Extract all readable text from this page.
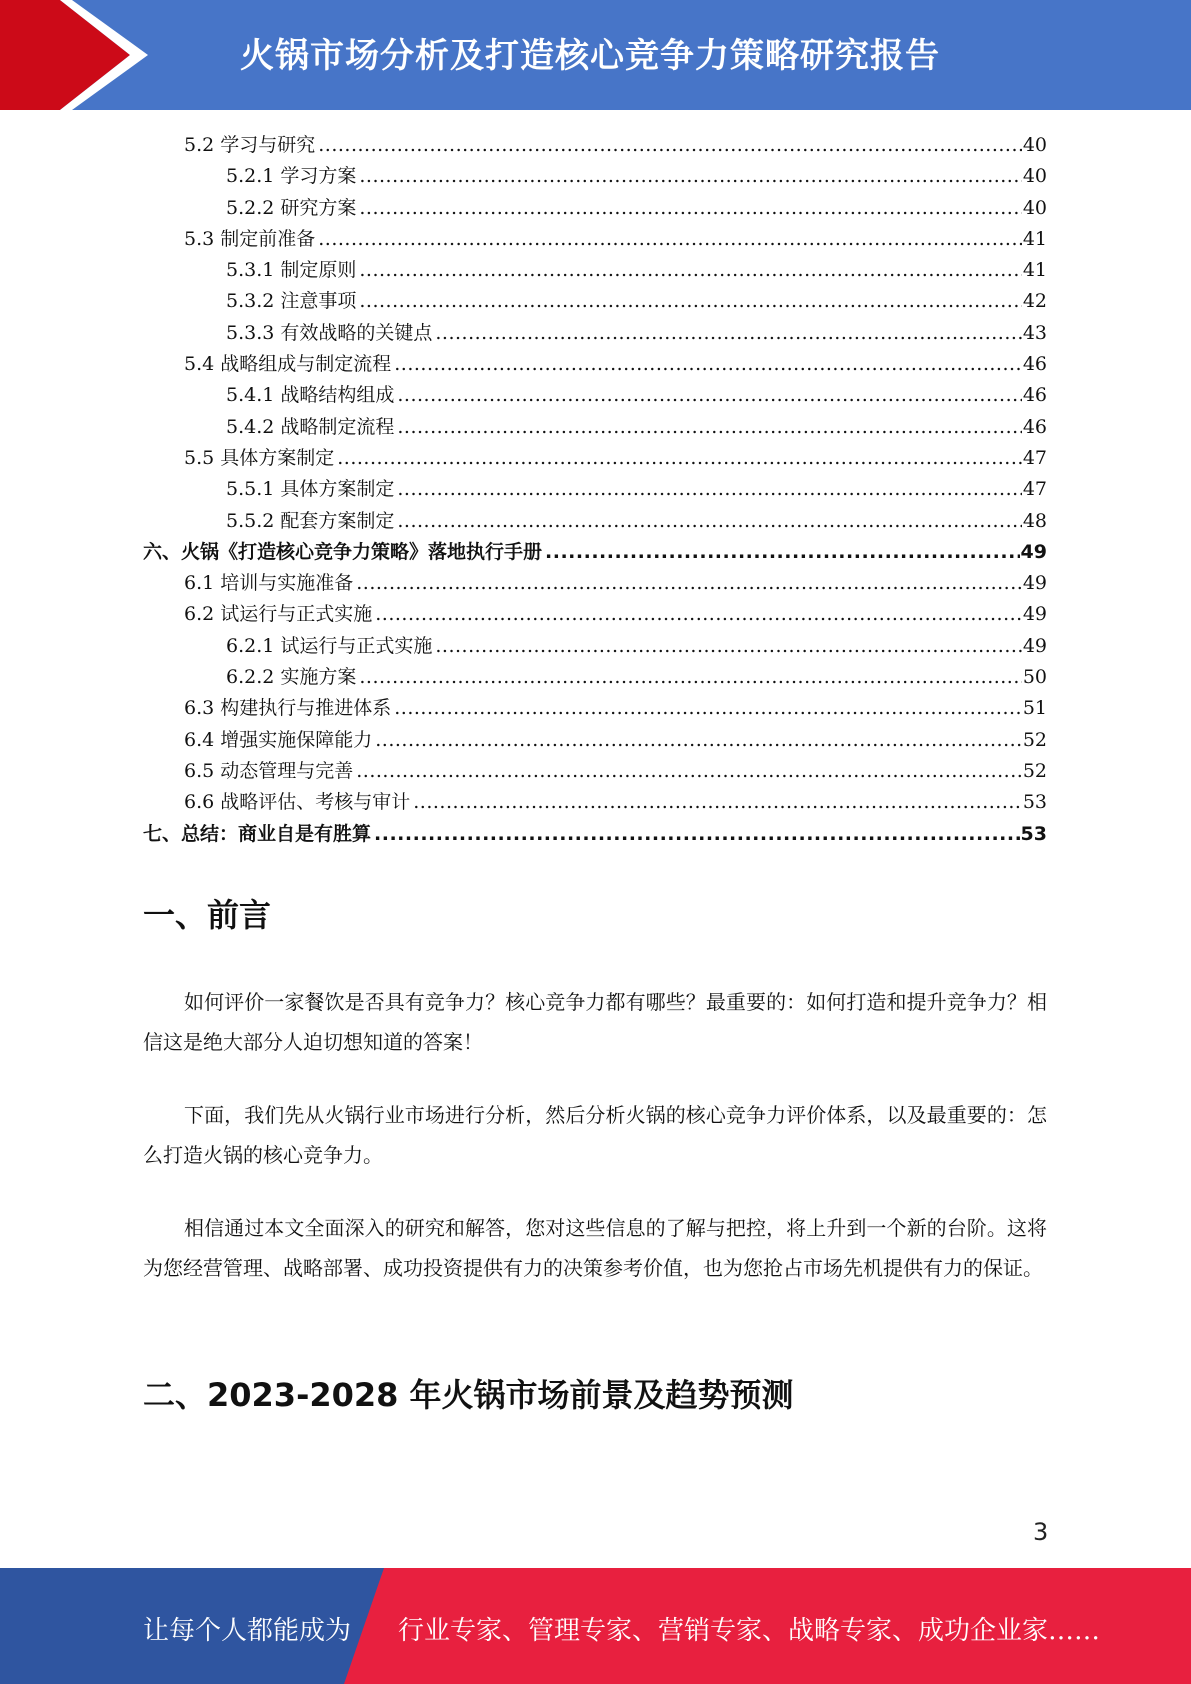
火锅市场分析及打造核心竞争力策略研究报告
5.2 学习与研究 .....	40
5.2.1 学习方案 .....	40
5.2.2 研究方案 .....	40
5.3 制定前准备 .....	41
5.3.1 制定原则 .....	41
5.3.2 注意事项 .....	42
5.3.3 有效战略的关键点 .....	43
5.4 战略组成与制定流程 .....	46
5.4.1 战略结构组成 .....	46
5.4.2 战略制定流程 .....	46
5.5 具体方案制定 .....	47
5.5.1 具体方案制定 .....	47
5.5.2 配套方案制定 .....	48
六、火锅《打造核心竞争力策略》落地执行手册 .....	49
6.1 培训与实施准备 .....	49
6.2 试运行与正式实施 .....	49
6.2.1 试运行与正式实施 .....	49
6.2.2 实施方案 .....	50
6.3 构建执行与推进体系 .....	51
6.4 增强实施保障能力 .....	52
6.5 动态管理与完善 .....	52
6.6 战略评估、考核与审计 .....	53
七、总结：商业自是有胜算 .....	53
一、前言
如何评价一家餐饮是否具有竞争力？核心竞争力都有哪些？最重要的：如何打造和提升竞争力？相信这是绝大部分人迫切想知道的答案！
下面，我们先从火锅行业市场进行分析，然后分析火锅的核心竞争力评价体系，以及最重要的：怎么打造火锅的核心竞争力。
相信通过本文全面深入的研究和解答，您对这些信息的了解与把控，将上升到一个新的台阶。这将为您经营管理、战略部署、成功投资提供有力的决策参考价值，也为您抢占市场先机提供有力的保证。
二、2023-2028 年火锅市场前景及趋势预测
3
让每个人都能成为 行业专家、管理专家、营销专家、战略专家、成功企业家……
